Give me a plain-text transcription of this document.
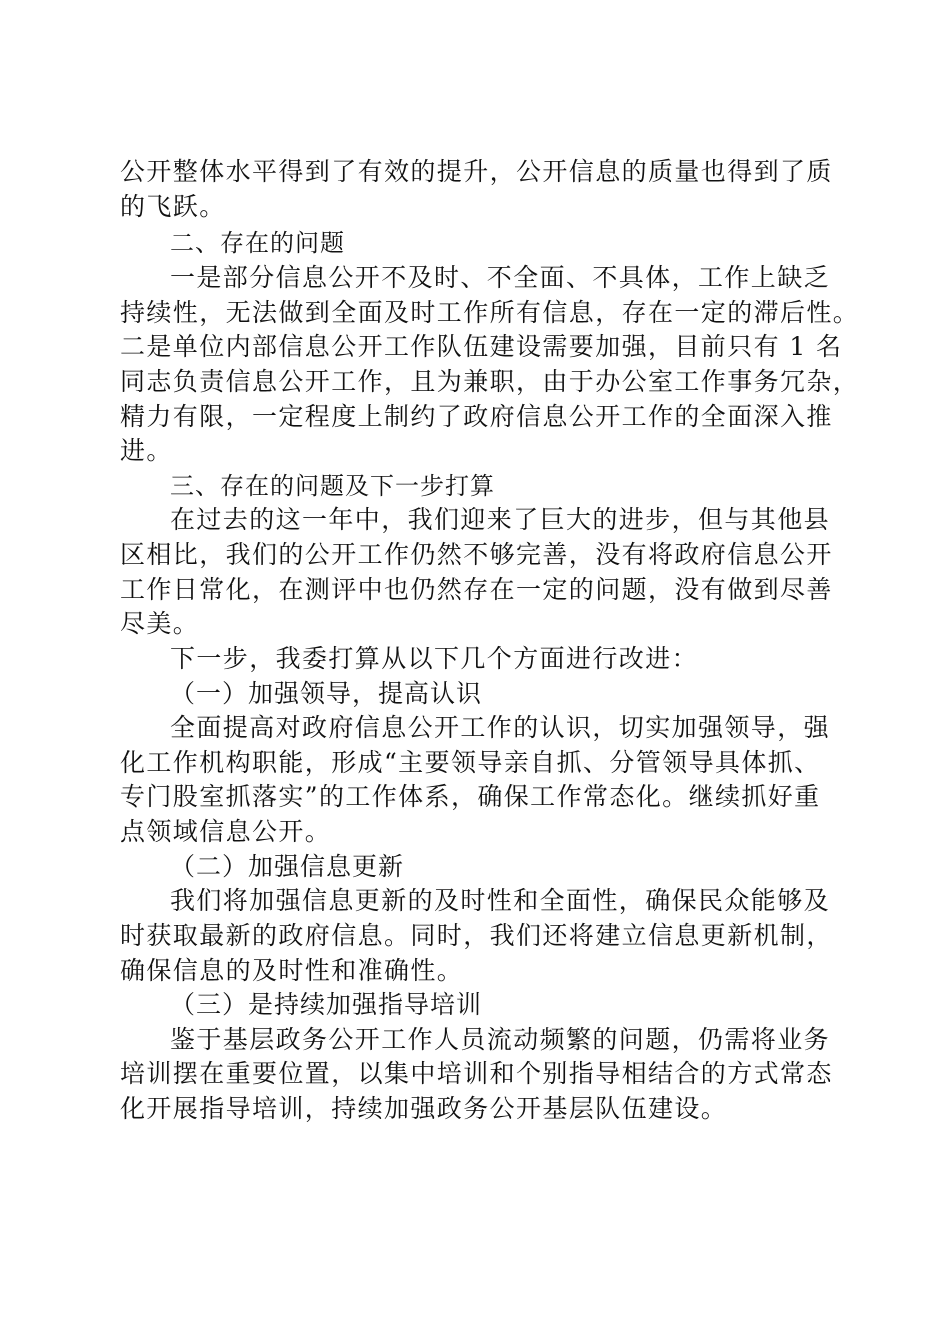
公开整体水平得到了有效的提升，公开信息的质量也得到了质
的飞跃。
二、存在的问题
一是部分信息公开不及时、不全面、不具体，工作上缺乏
持续性，无法做到全面及时工作所有信息，存在一定的滞后性。
二是单位内部信息公开工作队伍建设需要加强，目前只有 1 名
同志负责信息公开工作，且为兼职，由于办公室工作事务冗杂，
精力有限，一定程度上制约了政府信息公开工作的全面深入推
进。
三、存在的问题及下一步打算
在过去的这一年中，我们迎来了巨大的进步，但与其他县
区相比，我们的公开工作仍然不够完善，没有将政府信息公开
工作日常化，在测评中也仍然存在一定的问题，没有做到尽善
尽美。
下一步，我委打算从以下几个方面进行改进：
（一）加强领导，提高认识
全面提高对政府信息公开工作的认识，切实加强领导，强
化工作机构职能，形成“主要领导亲自抓、分管领导具体抓、
专门股室抓落实”的工作体系，确保工作常态化。继续抓好重
点领域信息公开。
（二）加强信息更新
我们将加强信息更新的及时性和全面性，确保民众能够及
时获取最新的政府信息。同时，我们还将建立信息更新机制，
确保信息的及时性和准确性。
（三）是持续加强指导培训
鉴于基层政务公开工作人员流动频繁的问题，仍需将业务
培训摆在重要位置，以集中培训和个别指导相结合的方式常态
化开展指导培训，持续加强政务公开基层队伍建设。
